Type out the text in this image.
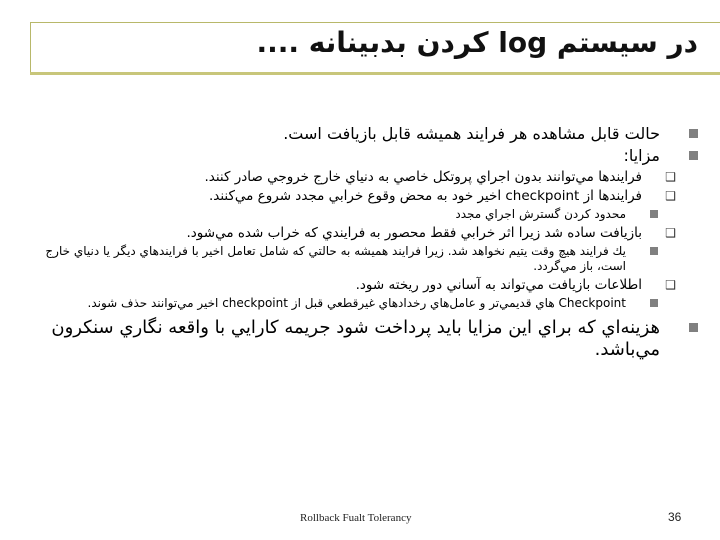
در سيستم log كردن بدبينانه ....
حالت قابل مشاهده هر فرايند هميشه قابل بازيافت است.
مزايا:
❑
فرايندها مي‌توانند بدون اجراي پروتكل خاصي به دنياي خارج خروجي صادر كنند.
❑
فرايندها از checkpoint اخير خود به محض وقوع خرابي مجدد شروع مي‌كنند.
محدود كردن گسترش اجراي مجدد
❑
بازيافت ساده شد زيرا اثر خرابي فقط محصور به فرايندي كه خراب شده مي‌شود.
يك فرايند هيچ وقت يتيم نخواهد شد. زيرا فرايند هميشه به حالتي كه شامل تعامل اخير با فرايندهاي ديگر يا دنياي خارج است، باز مي‌گردد.
❑
اطلاعات بازيافت مي‌تواند به آساني دور ريخته شود.
Checkpoint هاي قديمي‌تر و عامل‌هاي رخدادهاي غيرقطعي قبل از checkpoint اخير مي‌توانند حذف شوند.
هزينه‌اي كه براي اين مزايا بايد پرداخت شود جريمه كارايي با واقعه نگاري سنكرون مي‌باشد.
Rollback Fualt Tolerancy	36
